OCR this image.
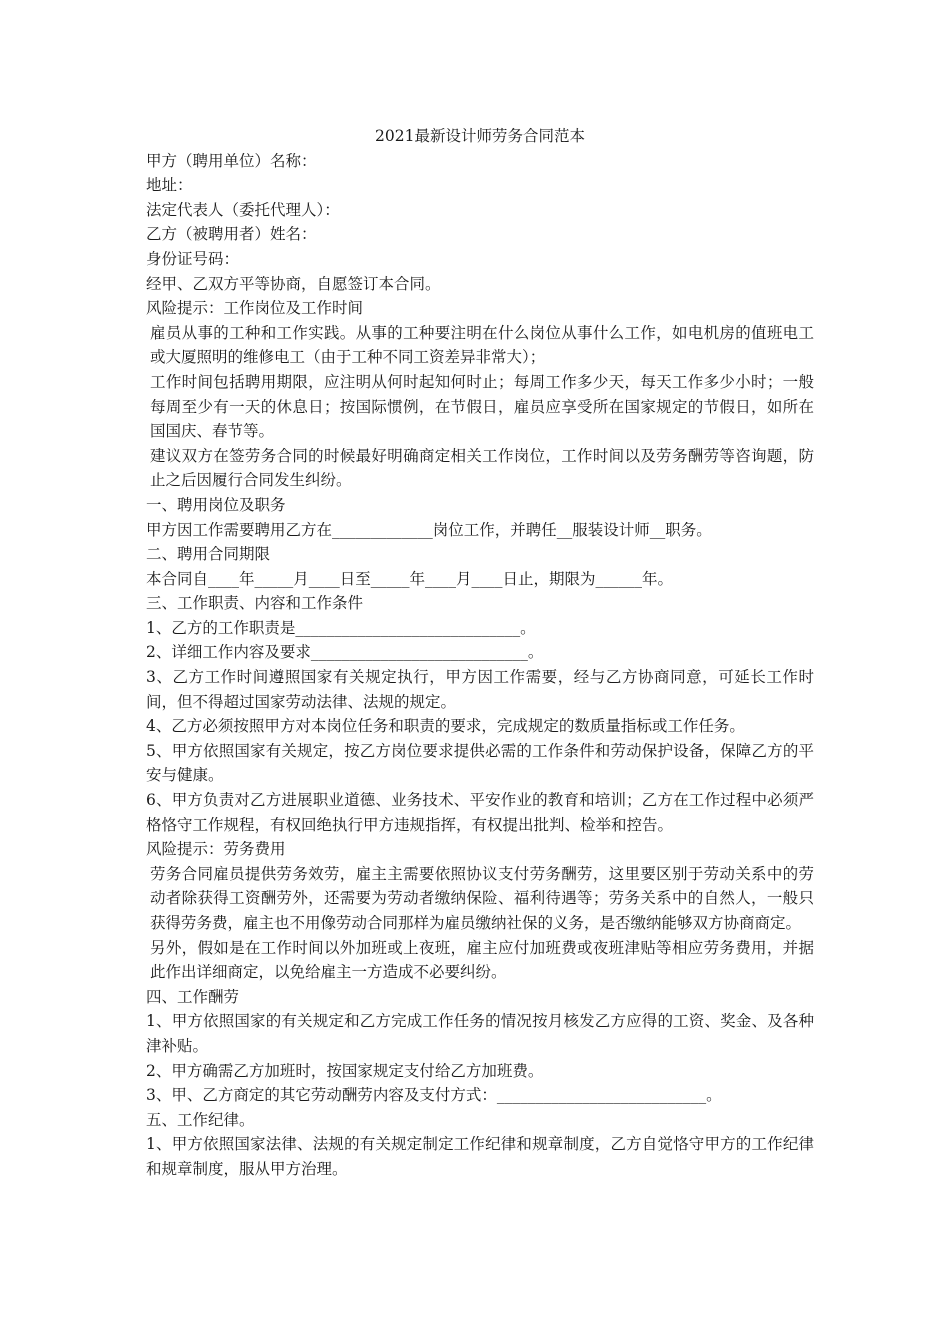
2021最新设计师劳务合同范本

甲方（聘用单位）名称：

地址：

法定代表人（委托代理人）：

乙方（被聘用者）姓名：

身份证号码：

经甲、乙双方平等协商，自愿签订本合同。

风险提示：工作岗位及工作时间

雇员从事的工种和工作实践。从事的工种要注明在什么岗位从事什么工作，如电机房的值班电工或大厦照明的维修电工（由于工种不同工资差异非常大）；

工作时间包括聘用期限，应注明从何时起知何时止；每周工作多少天，每天工作多少小时；一般每周至少有一天的休息日；按国际惯例，在节假日，雇员应享受所在国家规定的节假日，如所在国国庆、春节等。

建议双方在签劳务合同的时候最好明确商定相关工作岗位，工作时间以及劳务酬劳等咨询题，防止之后因履行合同发生纠纷。

一、聘用岗位及职务

甲方因工作需要聘用乙方在_____________岗位工作，并聘任__服装设计师__职务。

二、聘用合同期限

本合同自____年_____月____日至_____年____月____日止，期限为______年。

三、工作职责、内容和工作条件

1、乙方的工作职责是_____________________________。

2、详细工作内容及要求____________________________。

3、乙方工作时间遵照国家有关规定执行，甲方因工作需要，经与乙方协商同意，可延长工作时间，但不得超过国家劳动法律、法规的规定。

4、乙方必须按照甲方对本岗位任务和职责的要求，完成规定的数质量指标或工作任务。

5、甲方依照国家有关规定，按乙方岗位要求提供必需的工作条件和劳动保护设备，保障乙方的平安与健康。

6、甲方负责对乙方进展职业道德、业务技术、平安作业的教育和培训；乙方在工作过程中必须严格恪守工作规程，有权回绝执行甲方违规指挥，有权提出批判、检举和控告。

风险提示：劳务费用

劳务合同雇员提供劳务效劳，雇主主需要依照协议支付劳务酬劳，这里要区别于劳动关系中的劳动者除获得工资酬劳外，还需要为劳动者缴纳保险、福利待遇等；劳务关系中的自然人，一般只获得劳务费，雇主也不用像劳动合同那样为雇员缴纳社保的义务，是否缴纳能够双方协商商定。

另外，假如是在工作时间以外加班或上夜班，雇主应付加班费或夜班津贴等相应劳务费用，并据此作出详细商定，以免给雇主一方造成不必要纠纷。

四、工作酬劳

1、甲方依照国家的有关规定和乙方完成工作任务的情况按月核发乙方应得的工资、奖金、及各种津补贴。

2、甲方确需乙方加班时，按国家规定支付给乙方加班费。

3、甲、乙方商定的其它劳动酬劳内容及支付方式：___________________________。

五、工作纪律。

1、甲方依照国家法律、法规的有关规定制定工作纪律和规章制度，乙方自觉恪守甲方的工作纪律和规章制度，服从甲方治理。
